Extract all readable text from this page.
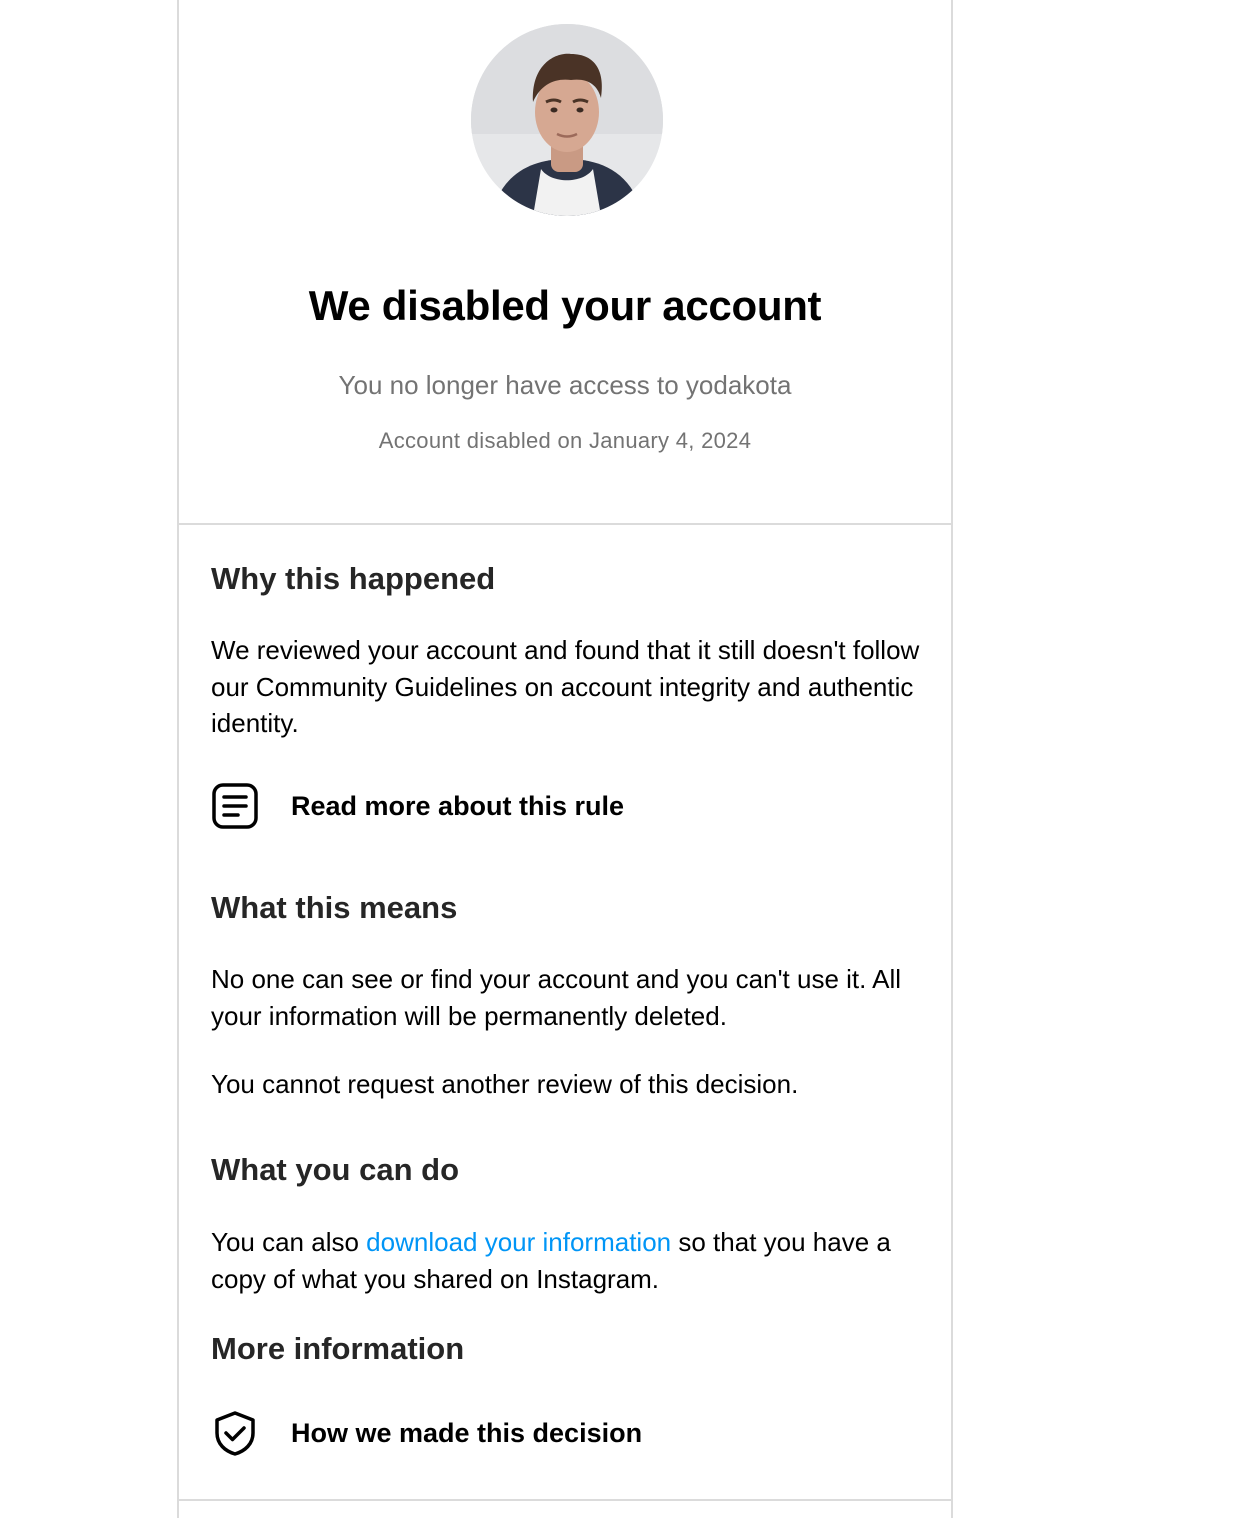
We disabled your account
You no longer have access to yodakota
Account disabled on January 4, 2024
Why this happened
We reviewed your account and found that it still doesn't follow our Community Guidelines on account integrity and authentic identity.
Read more about this rule
What this means
No one can see or find your account and you can't use it. All your information will be permanently deleted.
You cannot request another review of this decision.
What you can do
You can also download your information so that you have a copy of what you shared on Instagram.
More information
How we made this decision
